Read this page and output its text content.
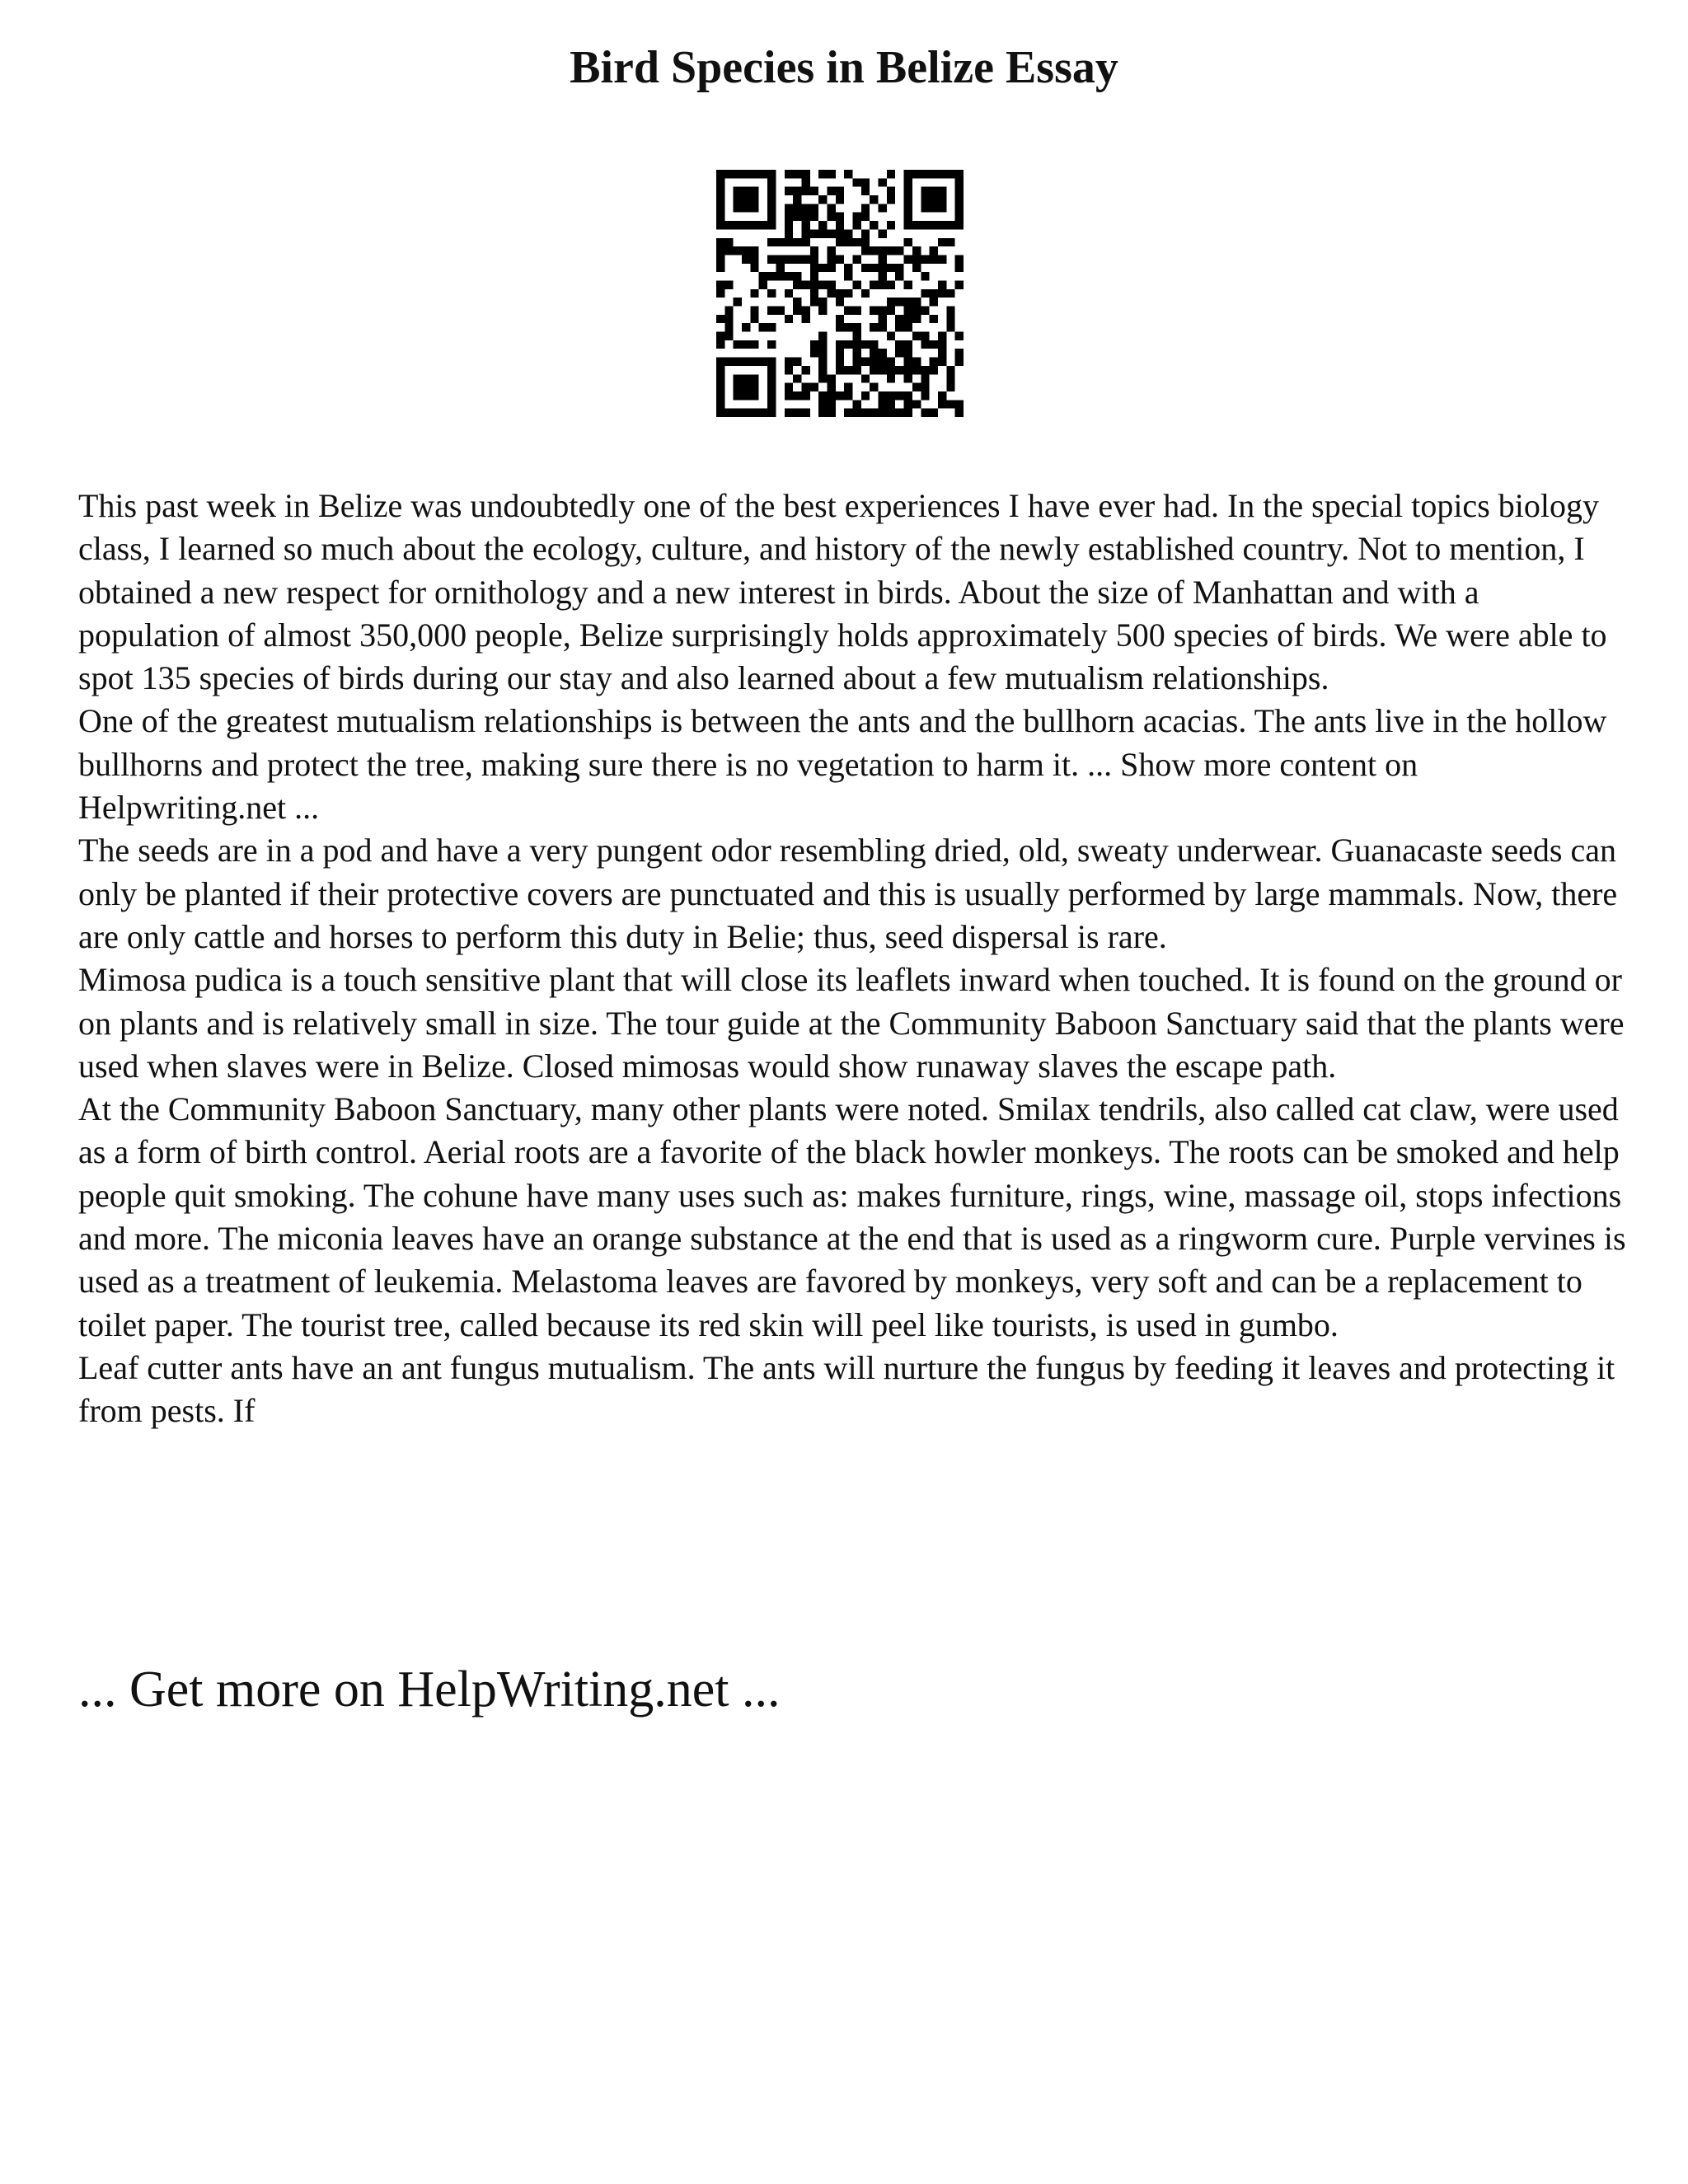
Bird Species in Belize Essay

This past week in Belize was undoubtedly one of the best experiences I have ever had. In the special topics biology class, I learned so much about the ecology, culture, and history of the newly established country. Not to mention, I obtained a new respect for ornithology and a new interest in birds. About the size of Manhattan and with a population of almost 350,000 people, Belize surprisingly holds approximately 500 species of birds. We were able to spot 135 species of birds during our stay and also learned about a few mutualism relationships.

One of the greatest mutualism relationships is between the ants and the bullhorn acacias. The ants live in the hollow bullhorns and protect the tree, making sure there is no vegetation to harm it. ... Show more content on Helpwriting.net ...

The seeds are in a pod and have a very pungent odor resembling dried, old, sweaty underwear. Guanacaste seeds can only be planted if their protective covers are punctuated and this is usually performed by large mammals. Now, there are only cattle and horses to perform this duty in Belie; thus, seed dispersal is rare.

Mimosa pudica is a touch sensitive plant that will close its leaflets inward when touched. It is found on the ground or on plants and is relatively small in size. The tour guide at the Community Baboon Sanctuary said that the plants were used when slaves were in Belize. Closed mimosas would show runaway slaves the escape path.

At the Community Baboon Sanctuary, many other plants were noted. Smilax tendrils, also called cat claw, were used as a form of birth control. Aerial roots are a favorite of the black howler monkeys. The roots can be smoked and help people quit smoking. The cohune have many uses such as: makes furniture, rings, wine, massage oil, stops infections and more. The miconia leaves have an orange substance at the end that is used as a ringworm cure. Purple vervines is used as a treatment of leukemia. Melastoma leaves are favored by monkeys, very soft and can be a replacement to toilet paper. The tourist tree, called because its red skin will peel like tourists, is used in gumbo.

Leaf cutter ants have an ant fungus mutualism. The ants will nurture the fungus by feeding it leaves and protecting it from pests. If

... Get more on HelpWriting.net ...
